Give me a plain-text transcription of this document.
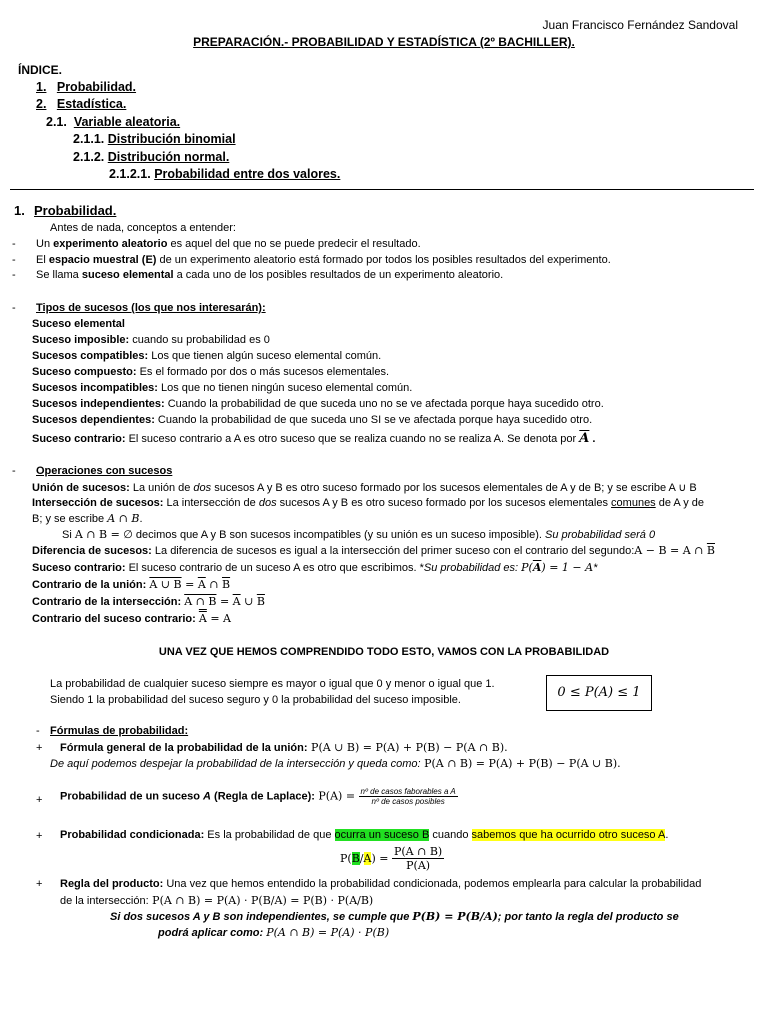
Juan Francisco Fernández Sandoval
PREPARACIÓN.- PROBABILIDAD Y ESTADÍSTICA (2º BACHILLER).
ÍNDICE.
1. Probabilidad.
2. Estadística.
2.1. Variable aleatoria.
2.1.1. Distribución binomial
2.1.2. Distribución normal.
2.1.2.1. Probabilidad entre dos valores.
1. Probabilidad.
Antes de nada, conceptos a entender:
- Un experimento aleatorio es aquel del que no se puede predecir el resultado.
- El espacio muestral (E) de un experimento aleatorio está formado por todos los posibles resultados del experimento.
- Se llama suceso elemental a cada uno de los posibles resultados de un experimento aleatorio.
- Tipos de sucesos (los que nos interesarán):
Suceso elemental
Suceso imposible: cuando su probabilidad es 0
Sucesos compatibles: Los que tienen algún suceso elemental común.
Suceso compuesto: Es el formado por dos o más sucesos elementales.
Sucesos incompatibles: Los que no tienen ningún suceso elemental común.
Sucesos independientes: Cuando la probabilidad de que suceda uno no se ve afectada porque haya sucedido otro.
Sucesos dependientes: Cuando la probabilidad de que suceda uno SI se ve afectada porque haya sucedido otro.
Suceso contrario: El suceso contrario a A es otro suceso que se realiza cuando no se realiza A. Se denota por $\overline{A}$ .
- Operaciones con sucesos
Unión de sucesos: La unión de dos sucesos A y B es otro suceso formado por los sucesos elementales de A y de B; y se escribe A ∪ B
Intersección de sucesos: La intersección de dos sucesos A y B es otro suceso formado por los sucesos elementales comunes de A y de
B; y se escribe A ∩ B.
Si A ∩ B = ∅ decimos que A y B son sucesos incompatibles (y su unión es un suceso imposible). Su probabilidad será 0
Diferencia de sucesos: La diferencia de sucesos es igual a la intersección del primer suceso con el contrario del segundo:A − B = A ∩ $\overline{B}$
Suceso contrario: El suceso contrario de un suceso A es otro que escribimos. *Su probabilidad es: $P(\overline{A}) = 1 - A*$
Contrario de la unión: A ∪ $B = \overline{A}$ ∩ $\overline{B}$
Contrario de la intersección: A ∩ $B = \overline{A}$ ∪ $\overline{B}$
Contrario del suceso contrario: A = A
UNA VEZ QUE HEMOS COMPRENDIDO TODO ESTO, VAMOS CON LA PROBABILIDAD
La probabilidad de cualquier suceso siempre es mayor o igual que 0 y menor o igual que 1.
Siendo 1 la probabilidad del suceso seguro y 0 la probabilidad del suceso imposible.	0 ≤ P(A) ≤ 1
- Fórmulas de probabilidad:
+ Fórmula general de la probabilidad de la unión: P(A ∪ B) = P(A) + P(B) − P(A ∩ B).
De aquí podemos despejar la probabilidad de la intersección y queda como: P(A ∩ B) = P(A) + P(B) − P(A ∪ B).
+ Probabilidad de un suceso A (Regla de Laplace): $P(A) = \frac{\text{nº de casos faborables a A}}{\text{nº de casos posibles}}$
+ Probabilidad condicionada: Es la probabilidad de que ocurra un suceso B cuando sabemos que ha ocurrido otro suceso A.
$P(B/A) = \frac{P(A \cap B)}{P(A)}$
+ Regla del producto: Una vez que hemos entendido la probabilidad condicionada, podemos emplearla para calcular la probabilidad
de la intersección: P(A ∩ B) = P(A) · P(B/A) = P(B) · P(A/B)
Si dos sucesos A y B son independientes, se cumple que P(B) = P(B/A); por tanto la regla del producto se
podrá aplicar como: P(A ∩ B) = P(A) · P(B)
